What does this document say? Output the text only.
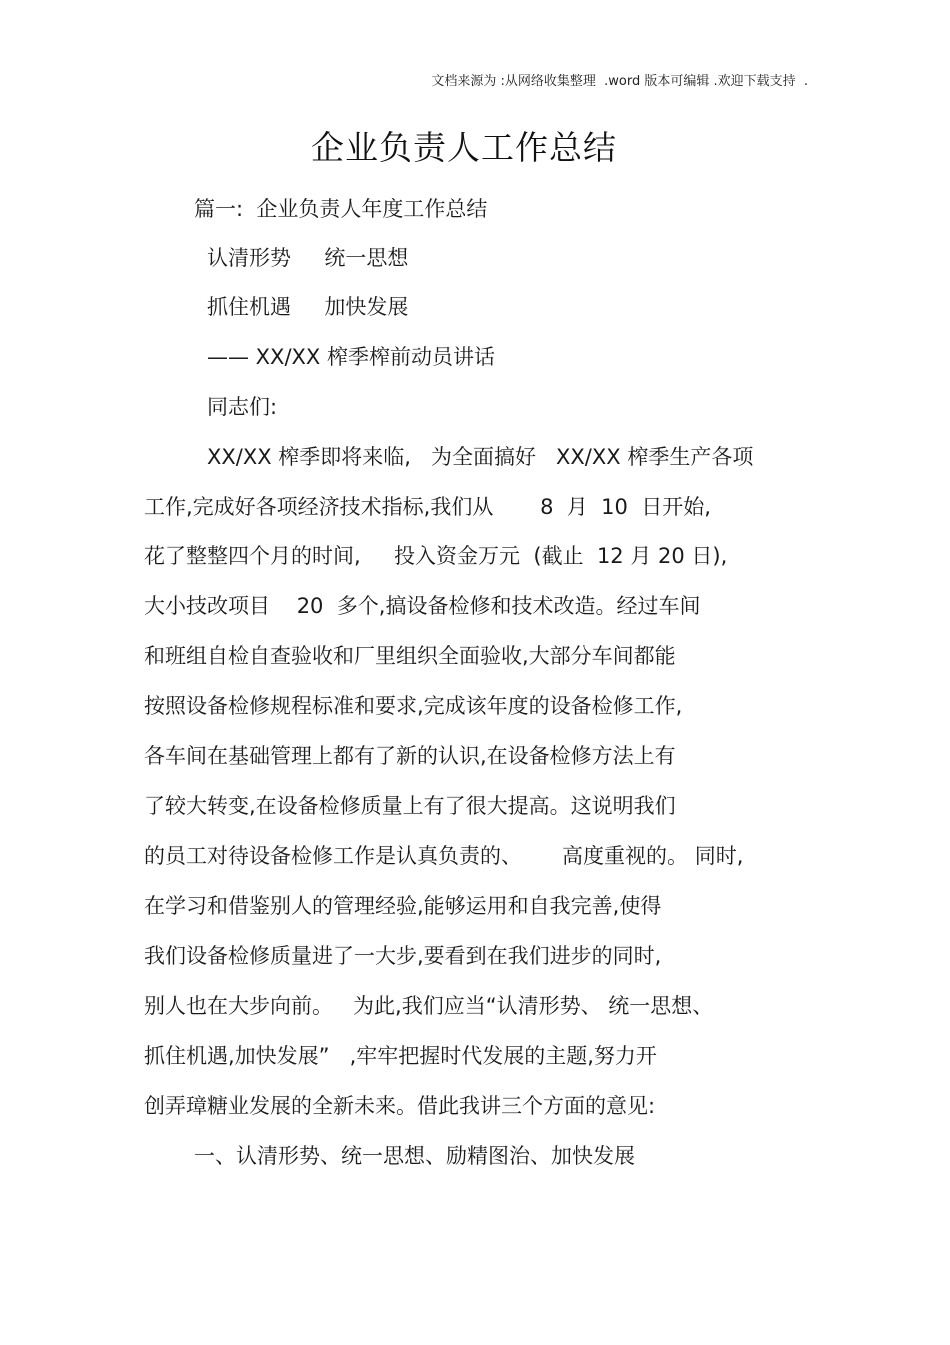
文档来源为 :从网络收集整理  .word 版本可编辑 .欢迎下载支持  .
企业负责人工作总结
篇一:  企业负责人年度工作总结
认清形势     统一思想
抓住机遇     加快发展
—— XX/XX 榨季榨前动员讲话
同志们:
XX/XX 榨季即将来临,   为全面搞好   XX/XX 榨季生产各项
工作,完成好各项经济技术指标,我们从       8  月  10  日开始,
花了整整四个月的时间,     投入资金万元  (截止  12 月 20 日),
大小技改项目    20  多个,搞设备检修和技术改造。经过车间
和班组自检自查验收和厂里组织全面验收,大部分车间都能
按照设备检修规程标准和要求,完成该年度的设备检修工作,
各车间在基础管理上都有了新的认识,在设备检修方法上有
了较大转变,在设备检修质量上有了很大提高。这说明我们
的员工对待设备检修工作是认真负责的、      高度重视的。 同时,
在学习和借鉴别人的管理经验,能够运用和自我完善,使得
我们设备检修质量进了一大步,要看到在我们进步的同时,
别人也在大步向前。   为此,我们应当“认清形势、 统一思想、
抓住机遇,加快发展”   ,牢牢把握时代发展的主题,努力开
创弄璋糖业发展的全新未来。借此我讲三个方面的意见:
一、认清形势、统一思想、励精图治、加快发展
